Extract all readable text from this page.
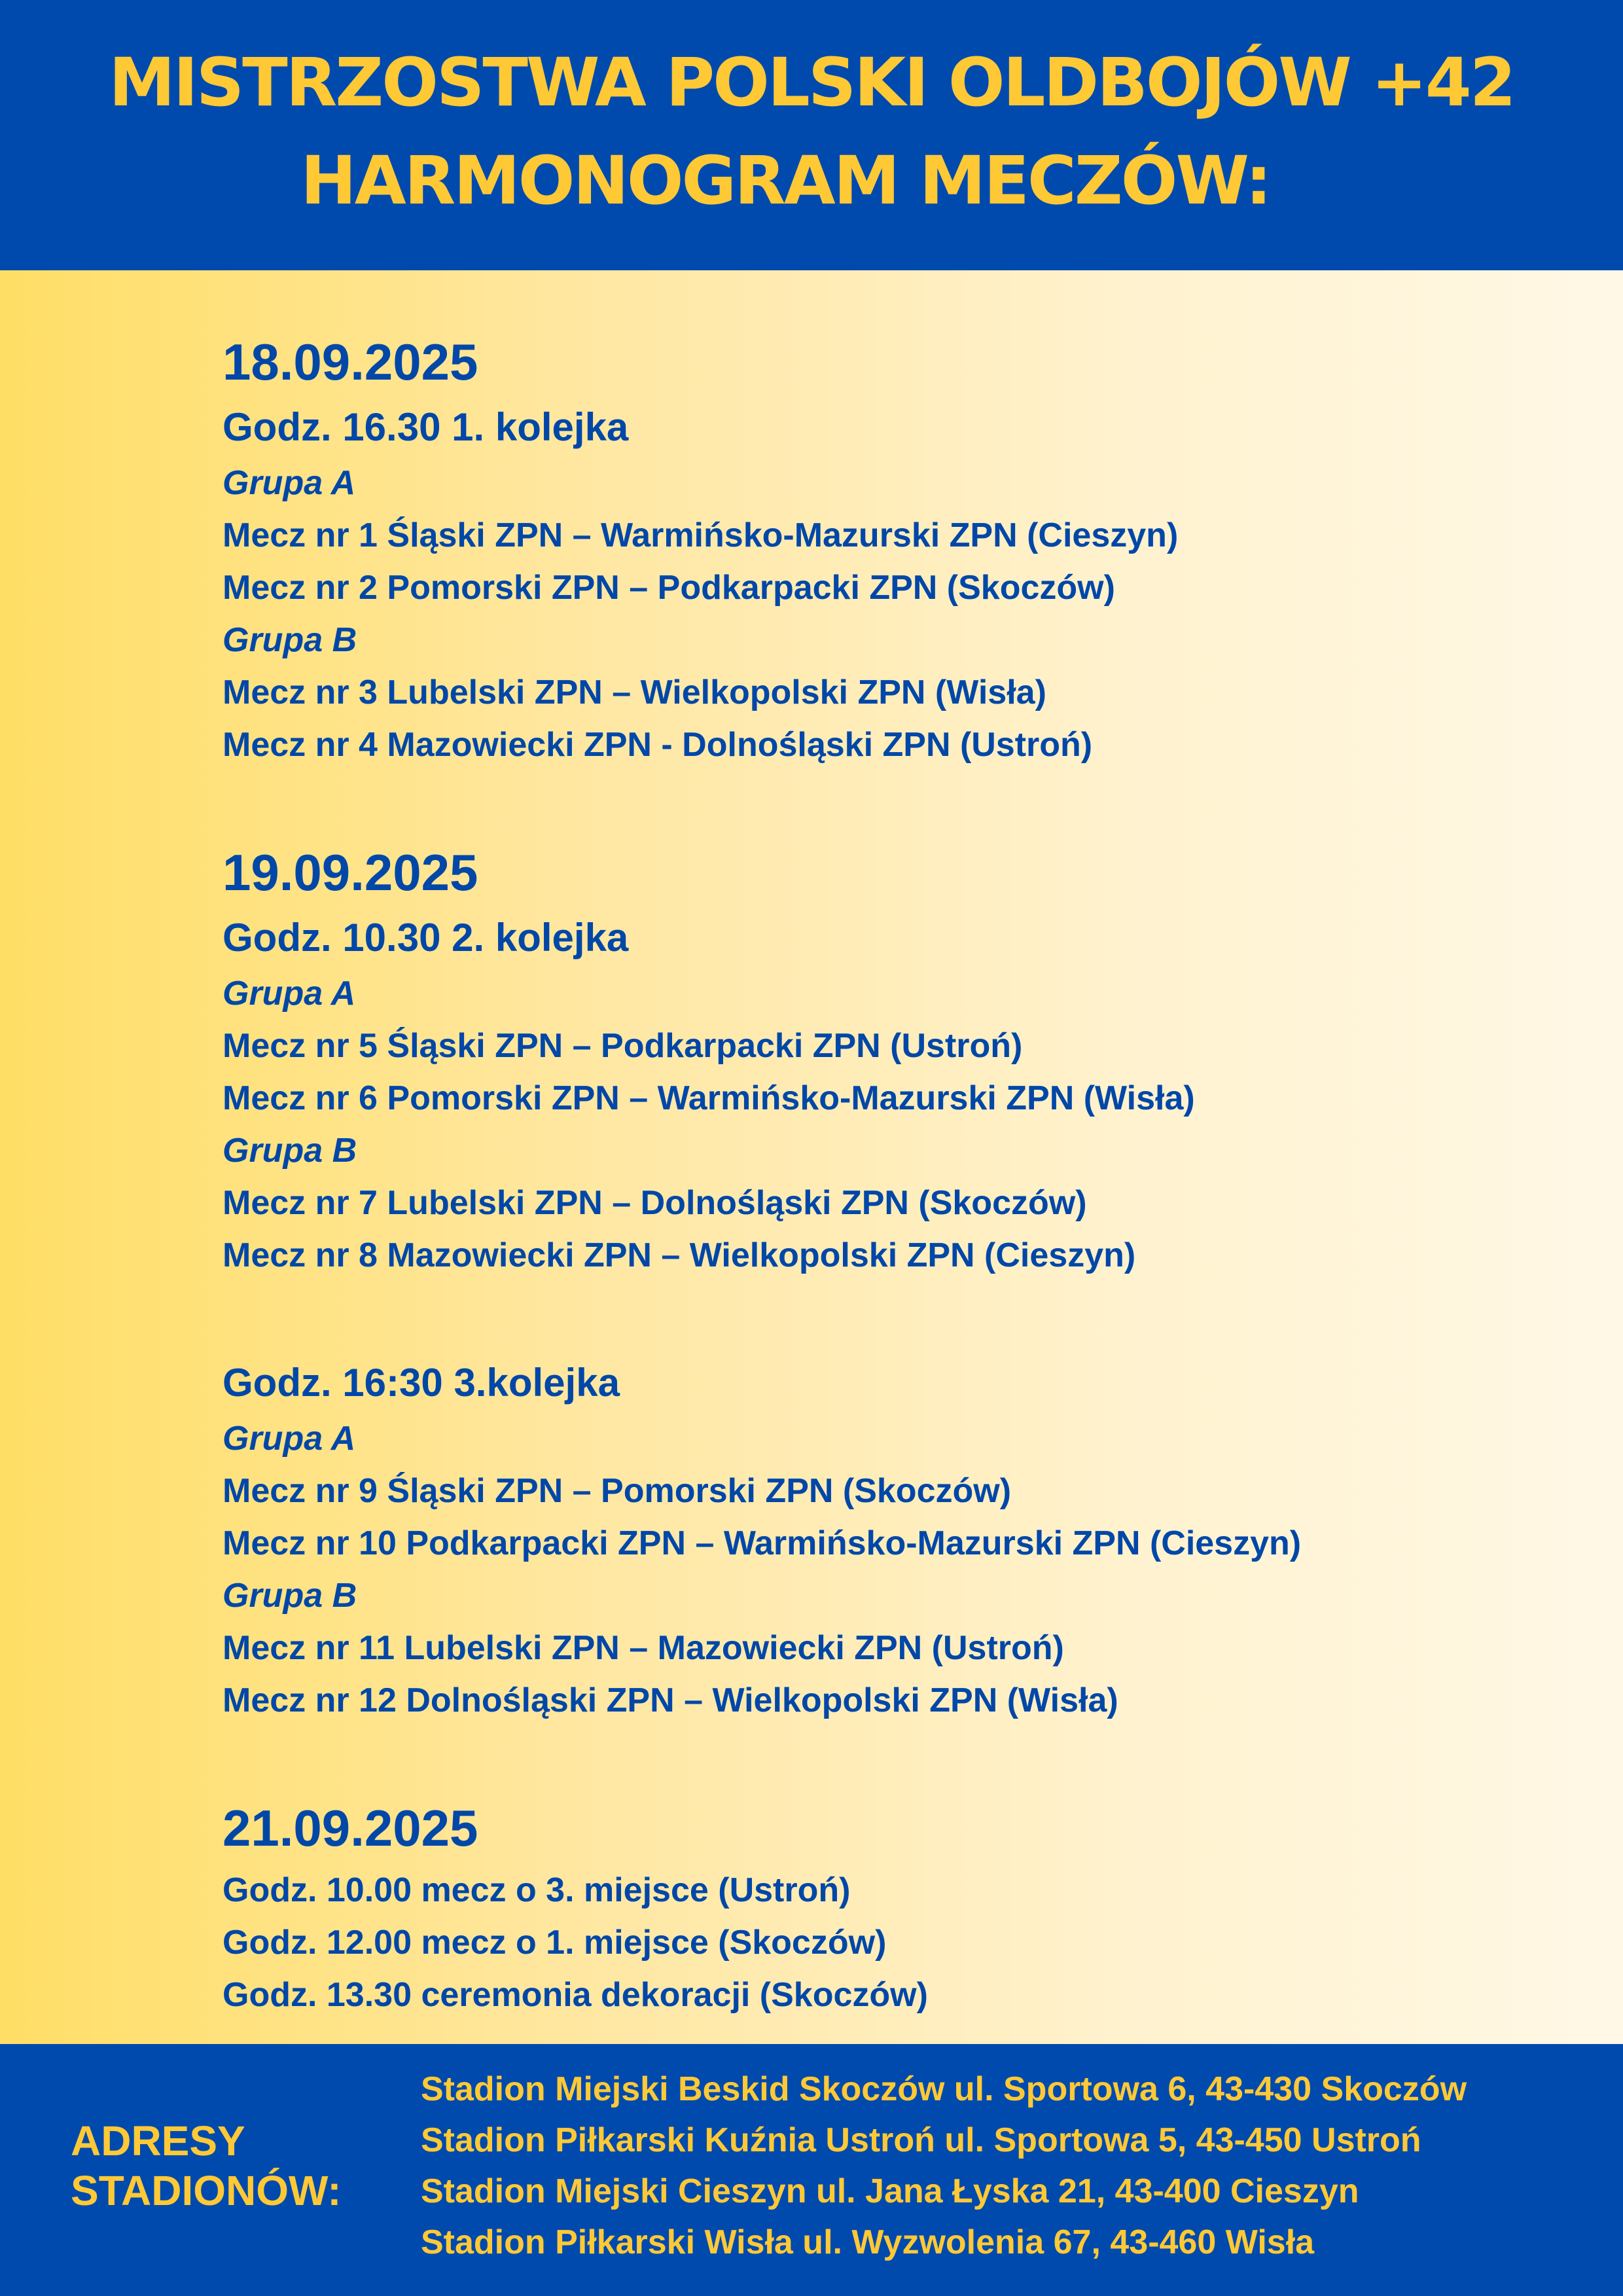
MISTRZOSTWA POLSKI OLDBOJÓW +42
HARMONOGRAM MECZÓW:

18.09.2025

Godz. 16.30 1. kolejka

Grupa A

Mecz nr 1 Śląski ZPN – Warmińsko-Mazurski ZPN (Cieszyn)

Mecz nr 2 Pomorski ZPN – Podkarpacki ZPN (Skoczów)

Grupa B

Mecz nr 3 Lubelski ZPN – Wielkopolski ZPN (Wisła)

Mecz nr 4 Mazowiecki ZPN - Dolnośląski ZPN (Ustroń)

19.09.2025

Godz. 10.30 2. kolejka

Grupa A

Mecz nr 5 Śląski ZPN – Podkarpacki ZPN (Ustroń)

Mecz nr 6 Pomorski ZPN – Warmińsko-Mazurski ZPN (Wisła)

Grupa B

Mecz nr 7 Lubelski ZPN – Dolnośląski ZPN (Skoczów)

Mecz nr 8 Mazowiecki ZPN – Wielkopolski ZPN (Cieszyn)

Godz. 16:30 3.kolejka

Grupa A

Mecz nr 9 Śląski ZPN – Pomorski ZPN (Skoczów)

Mecz nr 10 Podkarpacki ZPN – Warmińsko-Mazurski ZPN (Cieszyn)

Grupa B

Mecz nr 11 Lubelski ZPN – Mazowiecki ZPN (Ustroń)

Mecz nr 12 Dolnośląski ZPN – Wielkopolski ZPN (Wisła)

21.09.2025

Godz. 10.00 mecz o 3. miejsce (Ustroń)

Godz. 12.00 mecz o 1. miejsce (Skoczów)

Godz. 13.30 ceremonia dekoracji (Skoczów)

ADRESY
STADIONÓW:
Stadion Miejski Beskid Skoczów ul. Sportowa 6, 43-430 Skoczów
Stadion Piłkarski Kuźnia Ustroń ul. Sportowa 5, 43-450 Ustroń
Stadion Miejski Cieszyn ul. Jana Łyska 21, 43-400 Cieszyn
Stadion Piłkarski Wisła ul. Wyzwolenia 67, 43-460 Wisła
